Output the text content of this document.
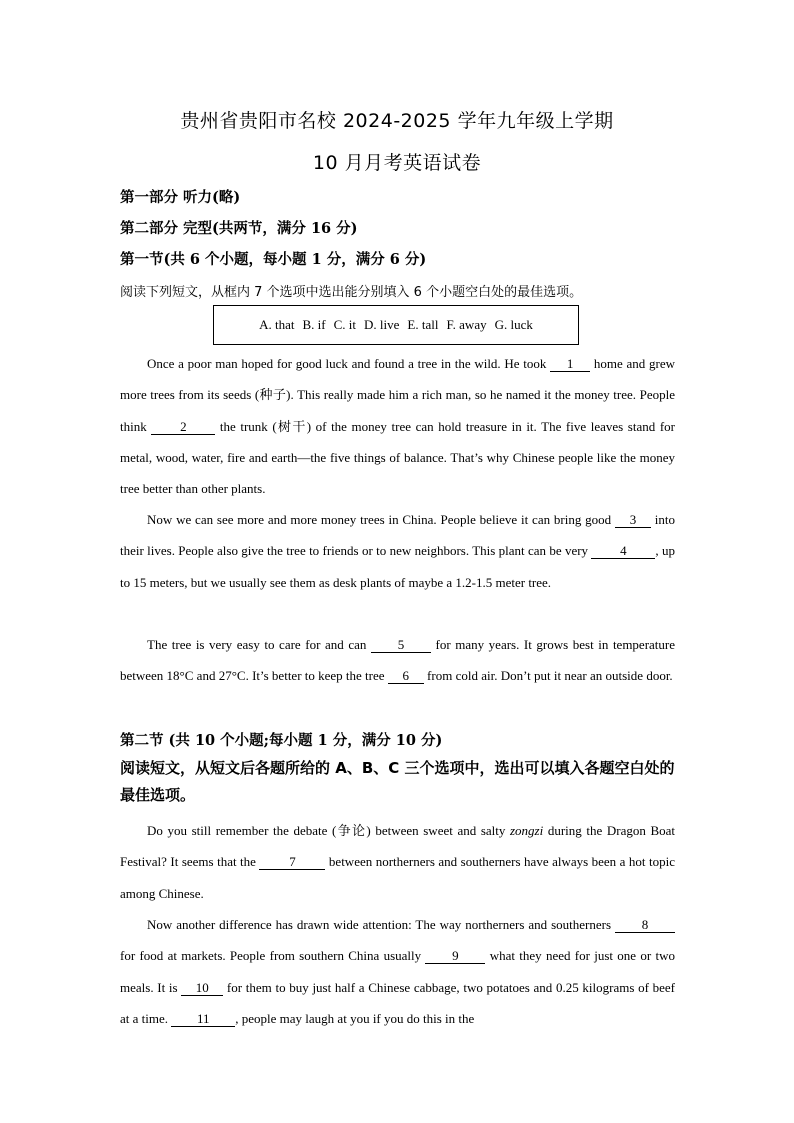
贵州省贵阳市名校 2024-2025 学年九年级上学期
10 月月考英语试卷
第一部分 听力(略)
第二部分 完型(共两节，满分 16 分)
第一节(共 6 个小题，每小题 1 分，满分 6 分)
阅读下列短文，从框内 7 个选项中选出能分别填入 6 个小题空白处的最佳选项。
A. that B. if C. it D. live E. tall F. away G. luck
Once a poor man hoped for good luck and found a tree in the wild. He took 1 home and grew more trees from its seeds (种子). This really made him a rich man, so he named it the money tree. People think 2 the trunk (树干) of the money tree can hold treasure in it. The five leaves stand for metal, wood, water, fire and earth—the five things of balance. That’s why Chinese people like the money tree better than other plants.
Now we can see more and more money trees in China. People believe it can bring good 3 into their lives. People also give the tree to friends or to new neighbors. This plant can be very 4 , up to 15 meters, but we usually see them as desk plants of maybe a 1.2-1.5 meter tree.
The tree is very easy to care for and can 5 for many years. It grows best in temperature between 18°C and 27°C. It’s better to keep the tree 6 from cold air. Don’t put it near an outside door.
第二节 (共 10 个小题;每小题 1 分，满分 10 分)
阅读短文，从短文后各题所给的 A、B、C 三个选项中，选出可以填入各题空白处的最佳选项。
Do you still remember the debate (争论) between sweet and salty zongzi during the Dragon Boat Festival? It seems that the 7 between northerners and southerners have always been a hot topic among Chinese.
Now another difference has drawn wide attention: The way northerners and southerners 8 for food at markets. People from southern China usually 9 what they need for just one or two meals. It is 10 for them to buy just half a Chinese cabbage, two potatoes and 0.25 kilograms of beef at a time. 11 , people may laugh at you if you do this in the
